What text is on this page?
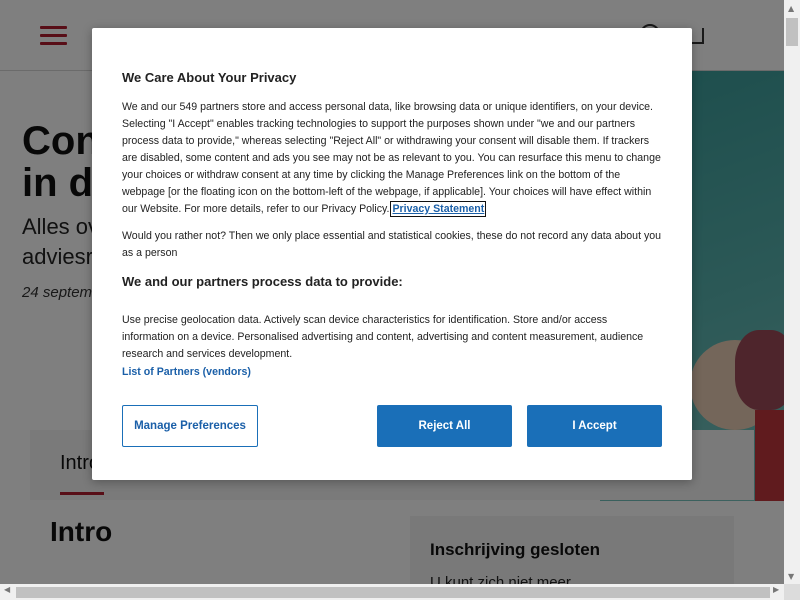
We Care About Your Privacy
We and our 549 partners store and access personal data, like browsing data or unique identifiers, on your device. Selecting "I Accept" enables tracking technologies to support the purposes shown under "we and our partners process data to provide," whereas selecting "Reject All" or withdrawing your consent will disable them. If trackers are disabled, some content and ads you see may not be as relevant to you. You can resurface this menu to change your choices or withdraw consent at any time by clicking the Manage Preferences link on the bottom of the webpage [or the floating icon on the bottom-left of the webpage, if applicable]. Your choices will have effect within our Website. For more details, refer to our Privacy Policy. Privacy Statement
Would you rather not? Then we only place essential and statistical cookies, these do not record any data about you as a person
We and our partners process data to provide:
Use precise geolocation data. Actively scan device characteristics for identification. Store and/or access information on a device. Personalised advertising and content, advertising and content measurement, audience research and services development.
List of Partners (vendors)
Manage Preferences	Reject All	I Accept
▲
▼
◀	▶
